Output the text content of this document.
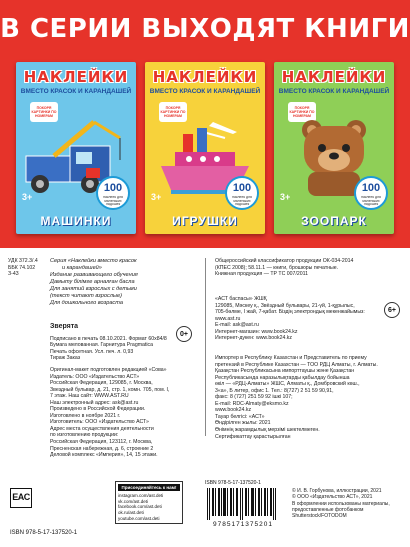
В СЕРИИ ВЫХОДЯТ КНИГИ
НАКЛЕЙКИ
ВМЕСТО КРАСОК И КАРАНДАШЕЙ
ПОКОРЯ КАРТИНКИ ПО НОМЕРАМ
3+
100
наклеек для маленьких ладошек
МАШИНКИ
НАКЛЕЙКИ
ВМЕСТО КРАСОК И КАРАНДАШЕЙ
ПОКОРЯ КАРТИНКИ ПО НОМЕРАМ
3+
100
наклеек для маленьких ладошек
ИГРУШКИ
НАКЛЕЙКИ
ВМЕСТО КРАСОК И КАРАНДАШЕЙ
ПОКОРЯ КАРТИНКИ ПО НОМЕРАМ
3+
100
наклеек для маленьких ладошек
ЗООПАРК
УДК 372.3/.4
ББК 74.102
З-43
Серия «Наклейки вместо красок
и карандашей»
Издание развивающего обучения
Дамыту білімге арналған басла
Для занятий взрослых с детьми
(текст читают взрослые)
Для дошкольного возраста
Зверята
Подписано в печать 08.10.2021. Формат 60х84/8
Бумага мелованная. Гарнитура Pragmatica
Печать офсетная. Усл. печ. л. 0,93
Тираж Заказ
0+
Оригинал-макет подготовлен редакцией «Сова»
Издатель: ООО «Издательство АСТ»
Российская Федерация, 129085, г. Москва,
Звездный бульвар, д. 21, стр. 1, комн. 705, пом. I,
7 этаж. Наш сайт: WWW.AST.RU
Наш электронный адрес: ask@ast.ru
Произведено в Российской Федерации.
Изготовлено в ноябре 2021 г.
Изготовитель: ООО «Издательство АСТ»
Адрес места осуществления деятельности
по изготовлению продукции:
Российская Федерация, 123112, г. Москва,
Пресненская набережная, д. 6, строение 2
Деловой комплекс «Империя», 14, 15 этажи.
Общероссийский классификатор продукции ОК-034-2014
(КПЕС 2008); 58.11.1 — книги, брошюры печатные.
Книжная продукция — ТР ТС 007/2011
«АСТ баспасы» ЖШҚ
129085, Мәскеу қ., Звёздный бульвары, 21-үй, 1-құрылыс,
705-бөлме, I жай, 7-қабат. Біздің электрондық мекенжайымыз:
www.ast.ru
E-mail: ask@ast.ru
Интернет-магазин: www.book24.kz
Интернет-дүкен: www.book24.kz
6+
Импортер в Республику Казахстан и Представитель по приему
претензий в Республике Казахстан — ТОО РДЦ Алматы, г. Алматы.
Қазақстан Республикасына импорттаушы және Қазақстан
Республикасында наразылықтарды қабылдау бойынша
өкіл — «РДЦ-Алматы» ЖШС, Алматы қ., Домбровский көш.,
3«а», Б литер, офис 1. Тел.: 8(727) 2 51 59 90,91,
факс: 8 (727) 251 59 92 ішкі 107;
E-mail: RDC-Almaty@eksmo.kz
www.book24.kz
Тауар белгісі: «АСТ»
Өндірілген жылы: 2021
Өнімнің жарамдылық мерзімі шектелмеген.
Сертификаттау қарастырылған
EAC
ISBN 978-5-17-137520-1
Присоединяйтесь к нам!
instagram.com/ast.deti
vk.com/ast.deti
facebook.com/ast.deti
ok.ru/ast.deti
youtube.com/ast.deti
ISBN 978-5-17-137520-1
9785171375201
© И. В. Горбунова, иллюстрации, 2021
© ООО «Издательство АСТ», 2021
В оформлении использованы материалы,
предоставленные фотобанком
Shutterstock/FOTODOM
